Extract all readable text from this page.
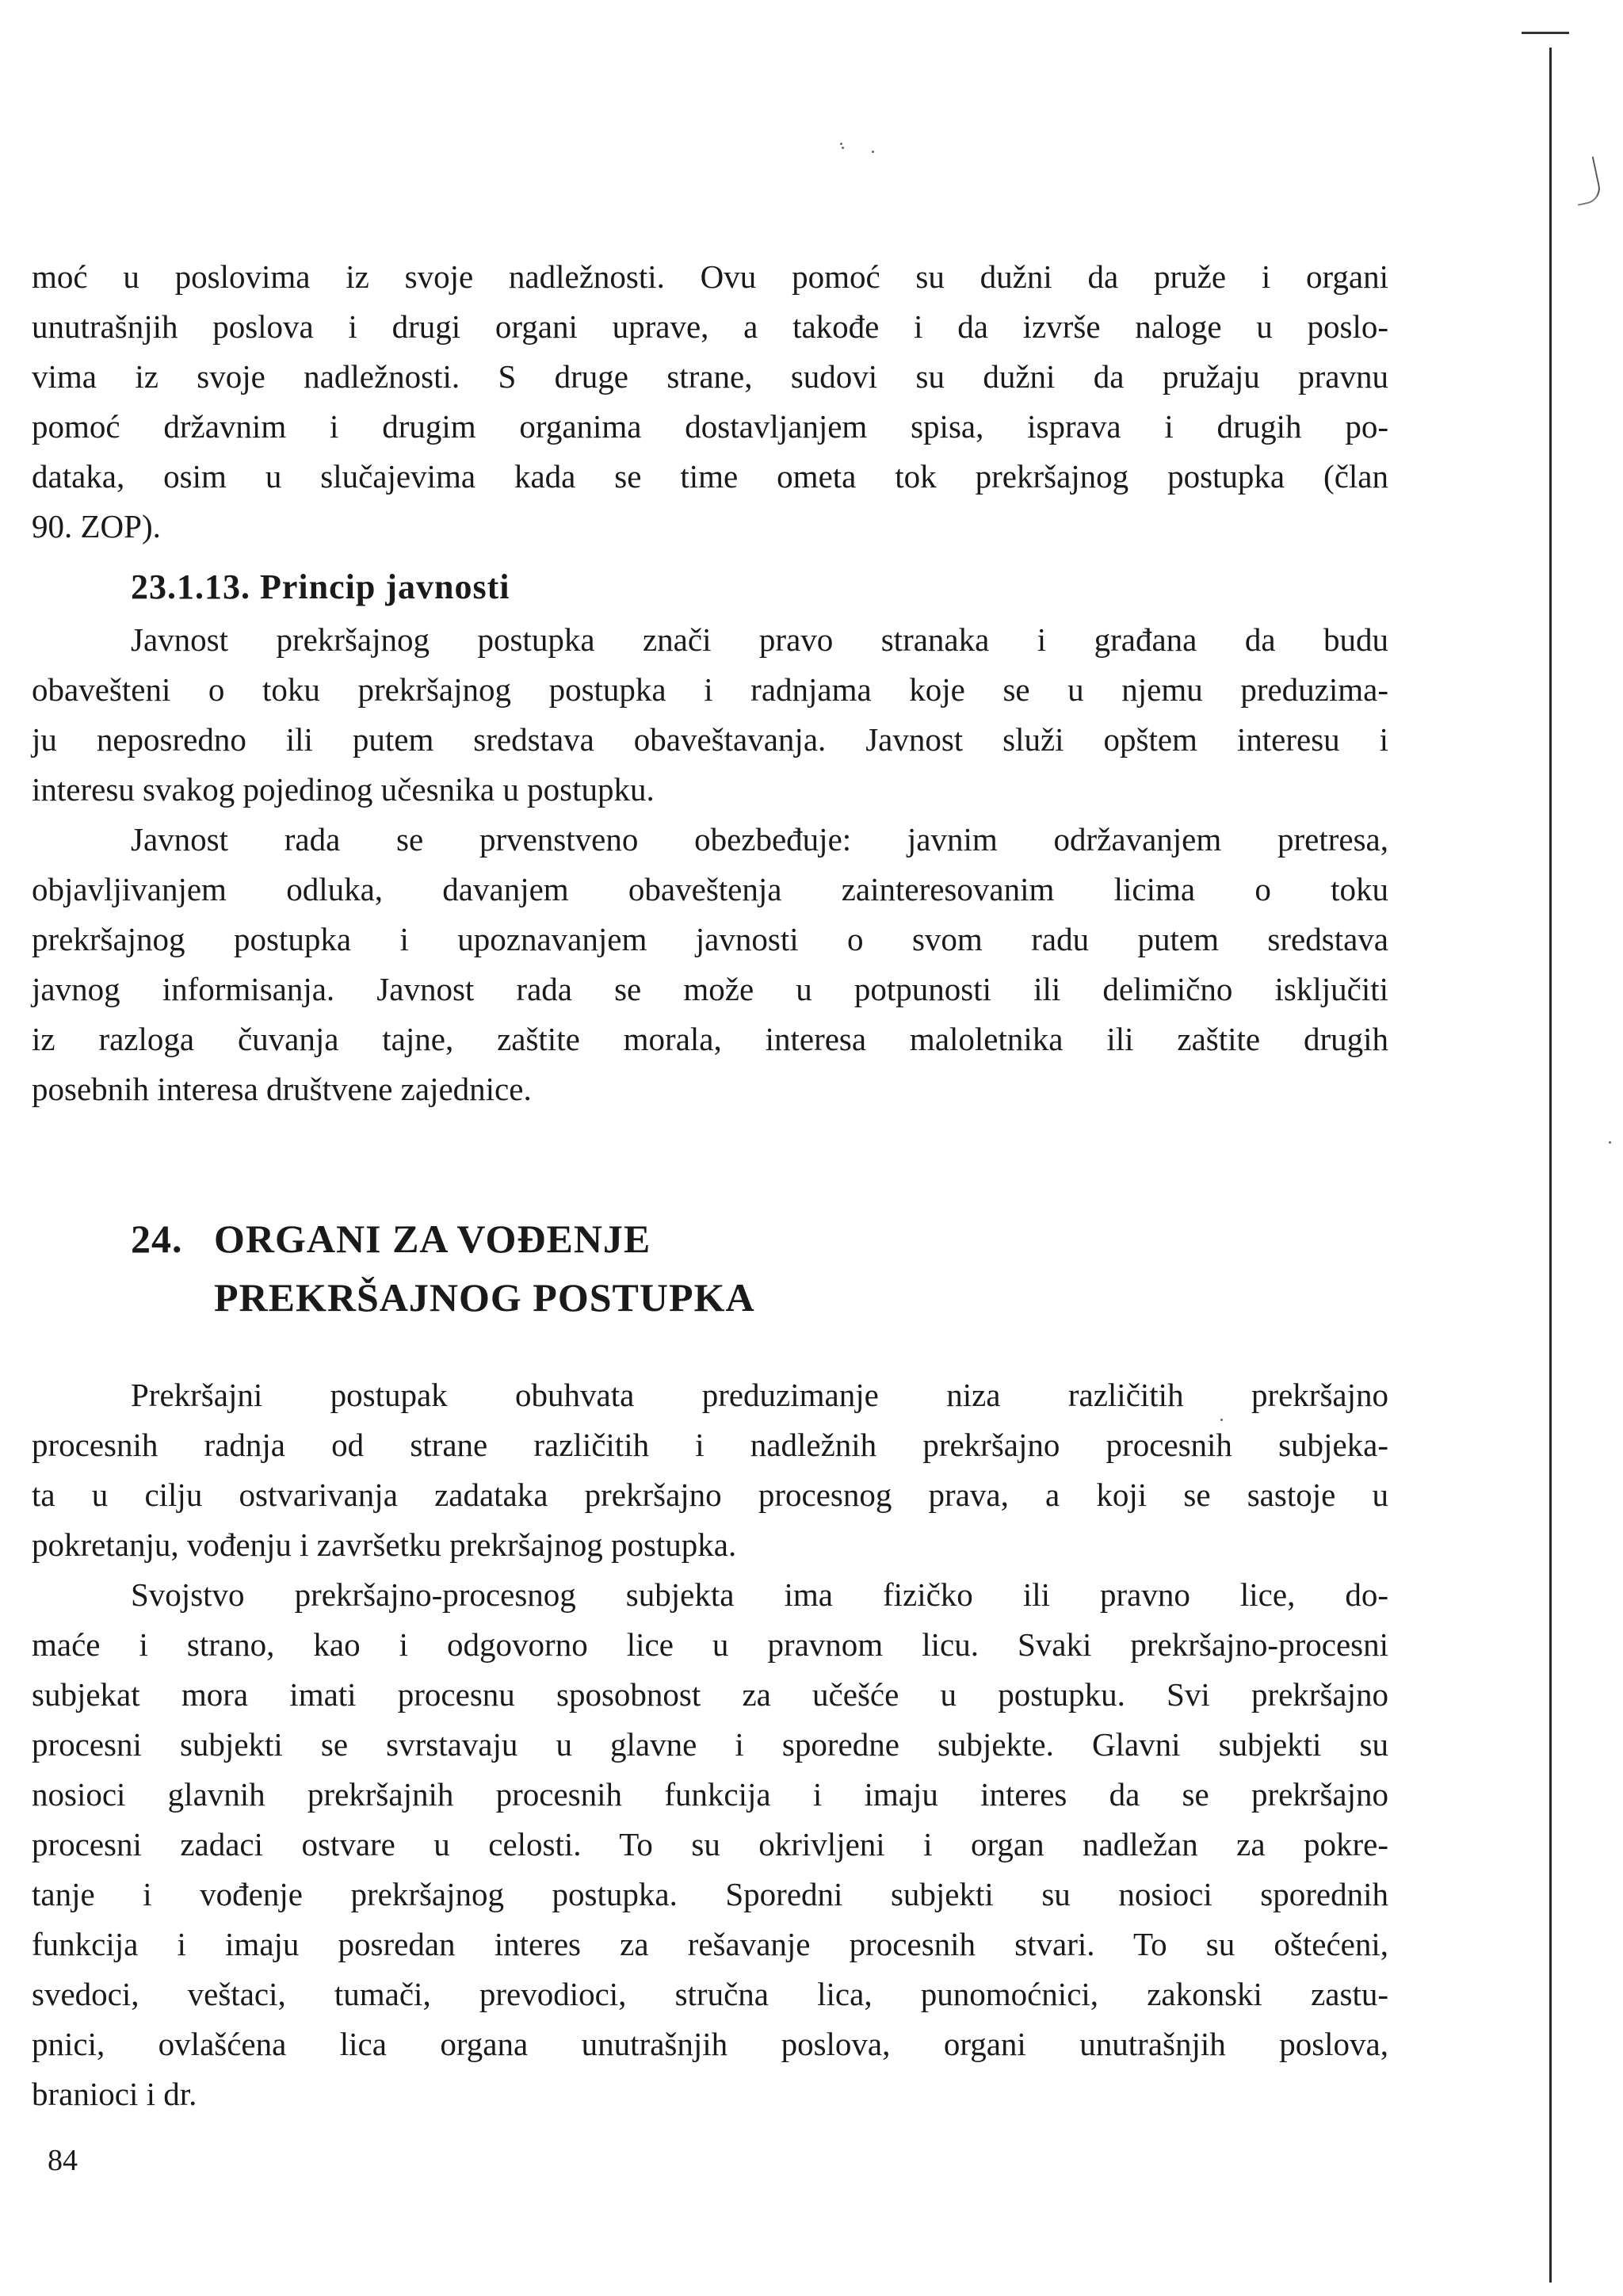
moć u poslovima iz svoje nadležnosti. Ovu pomoć su dužni da pruže i organi
unutrašnjih poslova i drugi organi uprave, a takođe i da izvrše naloge u poslo-
vima iz svoje nadležnosti. S druge strane, sudovi su dužni da pružaju pravnu
pomoć državnim i drugim organima dostavljanjem spisa, isprava i drugih po-
dataka, osim u slučajevima kada se time ometa tok prekršajnog postupka (član
90. ZOP).
23.1.13. Princip javnosti
Javnost prekršajnog postupka znači pravo stranaka i građana da budu
obavešteni o toku prekršajnog postupka i radnjama koje se u njemu preduzima-
ju neposredno ili putem sredstava obaveštavanja. Javnost služi opštem interesu i
interesu svakog pojedinog učesnika u postupku.
Javnost rada se prvenstveno obezbeđuje: javnim održavanjem pretresa,
objavljivanjem odluka, davanjem obaveštenja zainteresovanim licima o toku
prekršajnog postupka i upoznavanjem javnosti o svom radu putem sredstava
javnog informisanja. Javnost rada se može u potpunosti ili delimično isključiti
iz razloga čuvanja tajne, zaštite morala, interesa maloletnika ili zaštite drugih
posebnih interesa društvene zajednice.
24. ORGANI ZA VOĐENJE
PREKRŠAJNOG POSTUPKA
Prekršajni postupak obuhvata preduzimanje niza različitih prekršajno
procesnih radnja od strane različitih i nadležnih prekršajno procesnih subjeka-
ta u cilju ostvarivanja zadataka prekršajno procesnog prava, a koji se sastoje u
pokretanju, vođenju i završetku prekršajnog postupka.
Svojstvo prekršajno-procesnog subjekta ima fizičko ili pravno lice, do-
maće i strano, kao i odgovorno lice u pravnom licu. Svaki prekršajno-procesni
subjekat mora imati procesnu sposobnost za učešće u postupku. Svi prekršajno
procesni subjekti se svrstavaju u glavne i sporedne subjekte. Glavni subjekti su
nosioci glavnih prekršajnih procesnih funkcija i imaju interes da se prekršajno
procesni zadaci ostvare u celosti. To su okrivljeni i organ nadležan za pokre-
tanje i vođenje prekršajnog postupka. Sporedni subjekti su nosioci sporednih
funkcija i imaju posredan interes za rešavanje procesnih stvari. To su oštećeni,
svedoci, veštaci, tumači, prevodioci, stručna lica, punomoćnici, zakonski zastu-
pnici, ovlašćena lica organa unutrašnjih poslova, organi unutrašnjih poslova,
branioci i dr.
84
